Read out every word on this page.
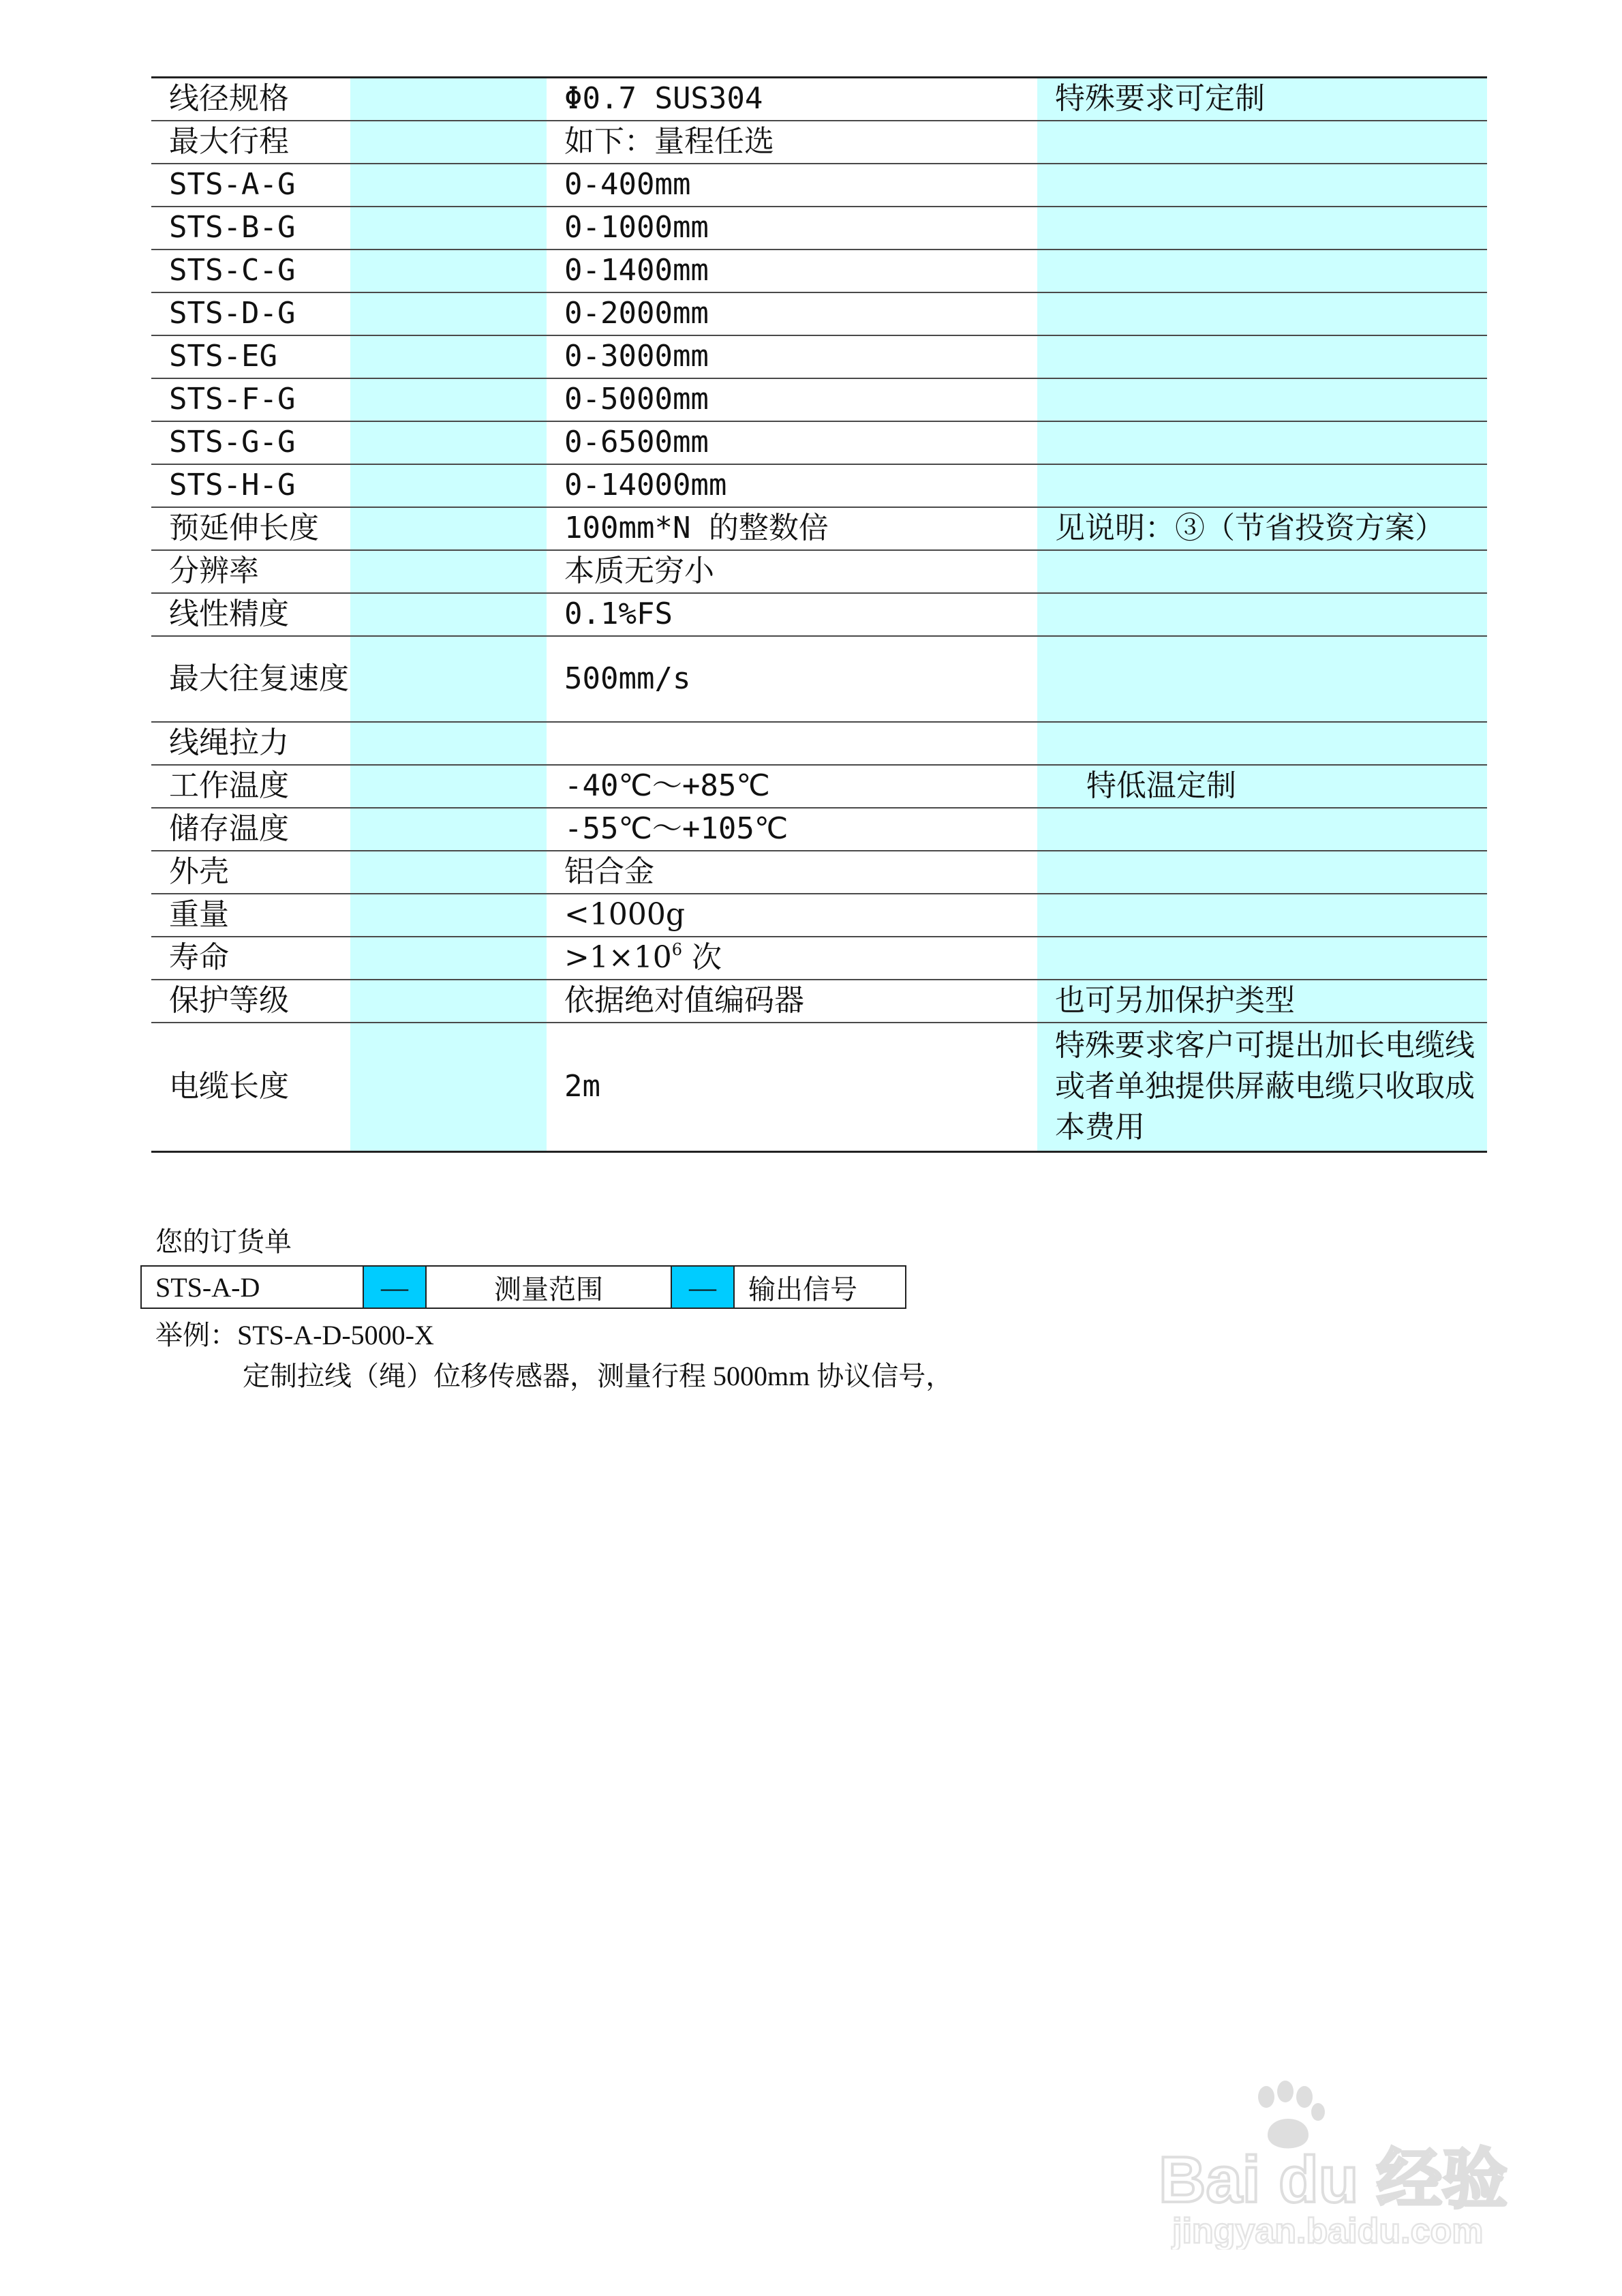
线径规格		Φ0.7 SUS304	特殊要求可定制
最大行程		如下：量程任选	
STS-A-G		0-400mm	
STS-B-G		0-1000mm	
STS-C-G		0-1400mm	
STS-D-G		0-2000mm	
STS-EG		0-3000mm	
STS-F-G		0-5000mm	
STS-G-G		0-6500mm	
STS-H-G		0-14000mm	
预延伸长度		100mm*N 的整数倍	见说明：③（节省投资方案）
分辨率		本质无穷小	
线性精度		0.1%FS	
最大往复速度		500mm/s	
线绳拉力			
工作温度		-40℃～+85℃	特低温定制
储存温度		-55℃～+105℃	
外壳		铝合金	
重量		<1000g	
寿命		$>1\times 10^6$ 次	
保护等级		依据绝对值编码器	也可另加保护类型
电缆长度		2m	特殊要求客户可提出加长电缆线或者单独提供屏蔽电缆只收取成本费用
您的订货单
STS-A-D	—	测量范围	—	输出信号
举例：STS-A-D-5000-X
定制拉线（绳）位移传感器，测量行程 5000mm 协议信号，
Bai du 经验
jingyan.baidu.com
